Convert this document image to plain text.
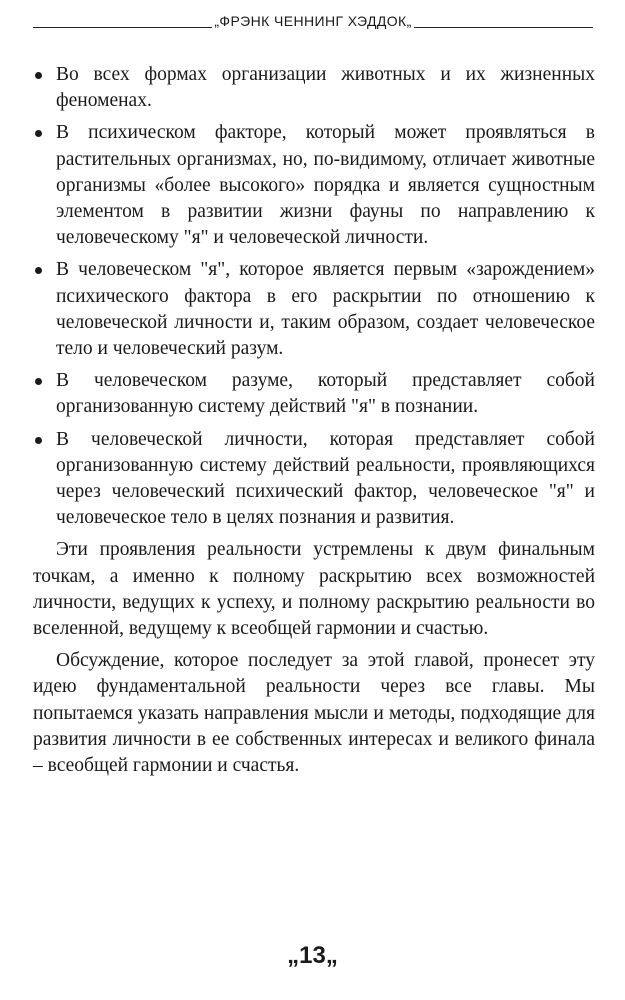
„ФРЭНК ЧЕННИНГ ХЭДДОК„
Во всех формах организации животных и их жизненных феноменах.
В психическом факторе, который может проявляться в растительных организмах, но, по-видимому, отличает животные организмы «более высокого» порядка и является сущностным элементом в развитии жизни фауны по направлению к человеческому "я" и человеческой личности.
В человеческом "я", которое является первым «зарождением» психического фактора в его раскрытии по отношению к человеческой личности и, таким образом, создает человеческое тело и человеческий разум.
В человеческом разуме, который представляет собой организованную систему действий "я" в познании.
В человеческой личности, которая представляет собой организованную систему действий реальности, проявляющихся через человеческий психический фактор, человеческое "я" и человеческое тело в целях познания и развития.

Эти проявления реальности устремлены к двум финальным точкам, а именно к полному раскрытию всех возможностей личности, ведущих к успеху, и полному раскрытию реальности во вселенной, ведущему к всеобщей гармонии и счастью.

Обсуждение, которое последует за этой главой, пронесет эту идею фундаментальной реальности через все главы. Мы попытаемся указать направления мысли и методы, подходящие для развития личности в ее собственных интересах и великого финала – всеобщей гармонии и счастья.

„13„
